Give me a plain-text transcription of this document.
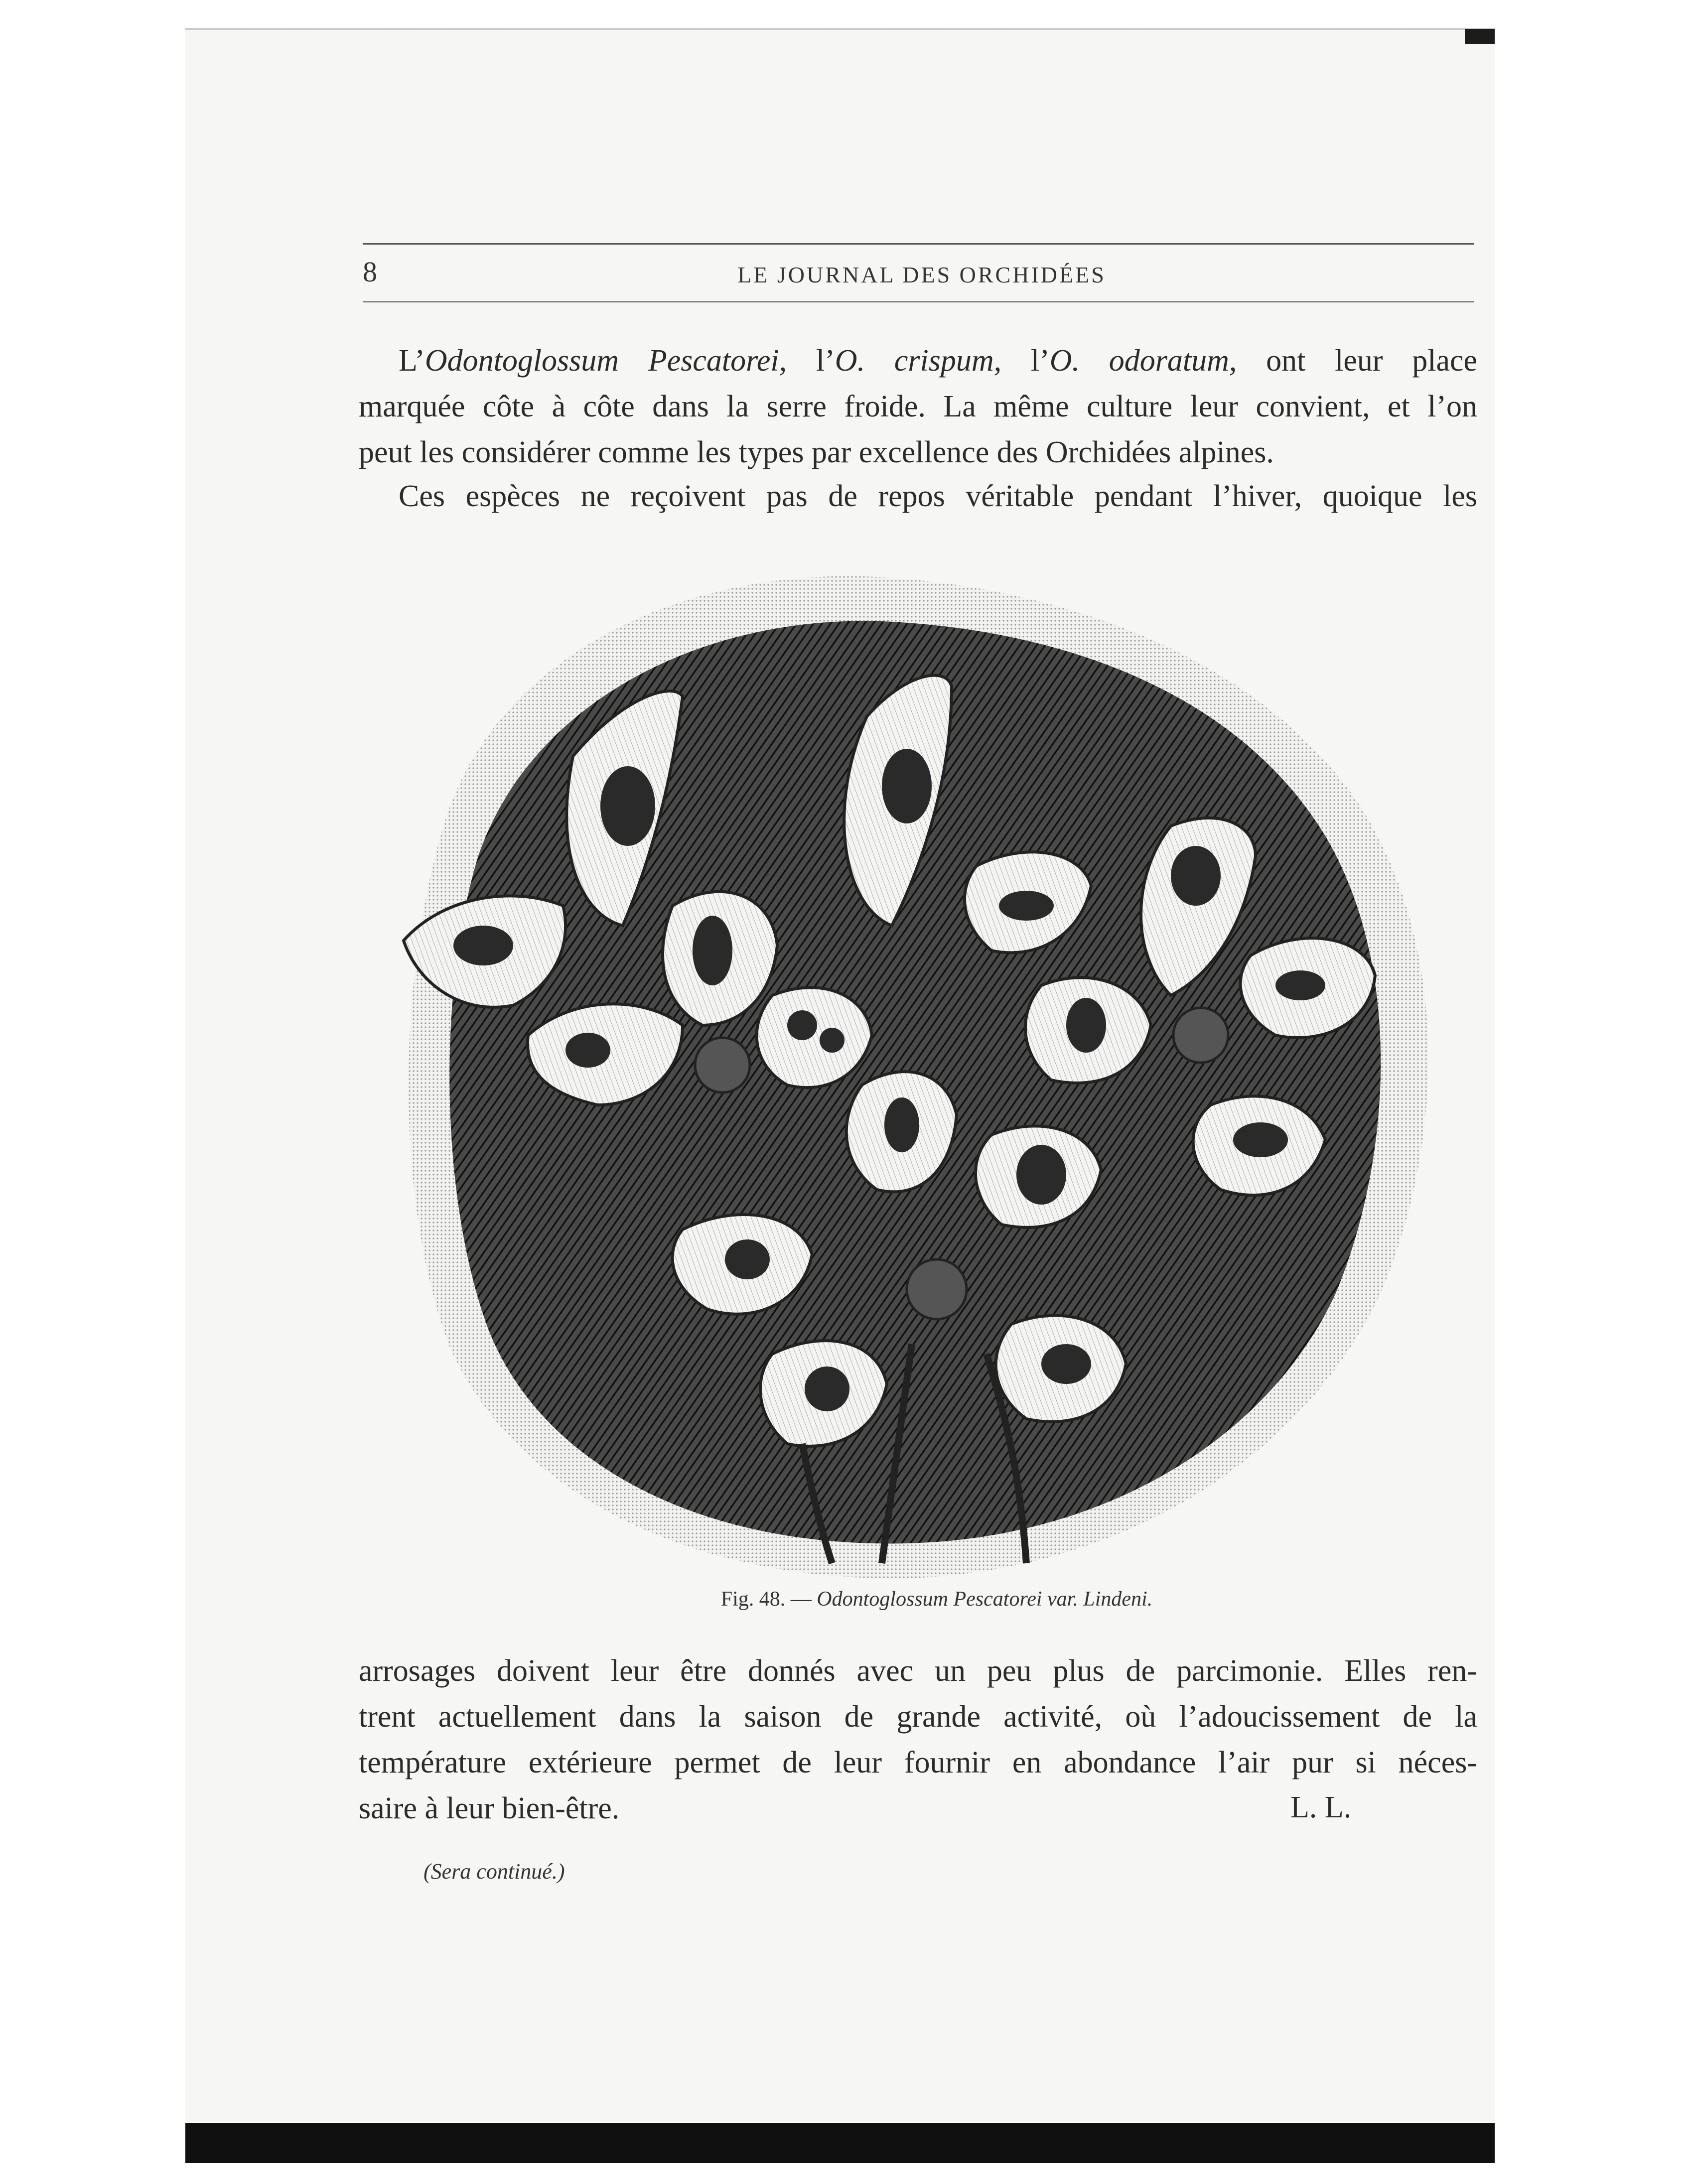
8	LE JOURNAL DES ORCHIDÉES
L’Odontoglossum Pescatorei, l’O. crispum, l’O. odoratum, ont leur place
marquée côte à côte dans la serre froide. La même culture leur convient, et l’on
peut les considérer comme les types par excellence des Orchidées alpines.
Ces espèces ne reçoivent pas de repos véritable pendant l’hiver, quoique les
Fig. 48. — Odontoglossum Pescatorei var. Lindeni.
arrosages doivent leur être donnés avec un peu plus de parcimonie. Elles ren-
trent actuellement dans la saison de grande activité, où l’adoucissement de la
température extérieure permet de leur fournir en abondance l’air pur si néces-
saire à leur bien-être.	L. L.
(Sera continué.)
